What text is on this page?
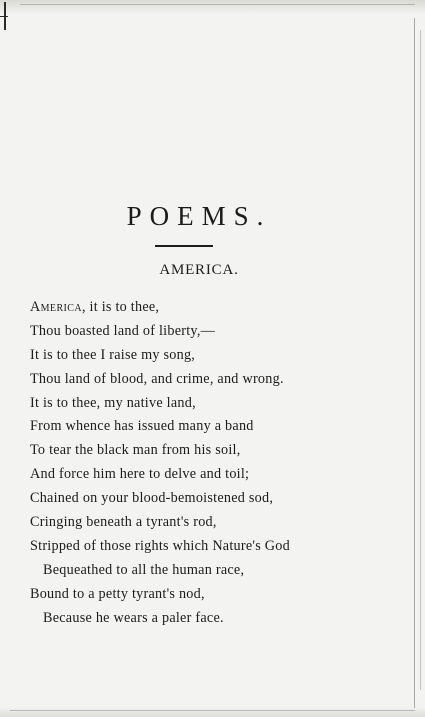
POEMS.
AMERICA.
America, it is to thee,
Thou boasted land of liberty,—
It is to thee I raise my song,
Thou land of blood, and crime, and wrong.
It is to thee, my native land,
From whence has issued many a band
To tear the black man from his soil,
And force him here to delve and toil;
Chained on your blood-bemoistened sod,
Cringing beneath a tyrant's rod,
Stripped of those rights which Nature's God
Bequeathed to all the human race,
Bound to a petty tyrant's nod,
Because he wears a paler face.
